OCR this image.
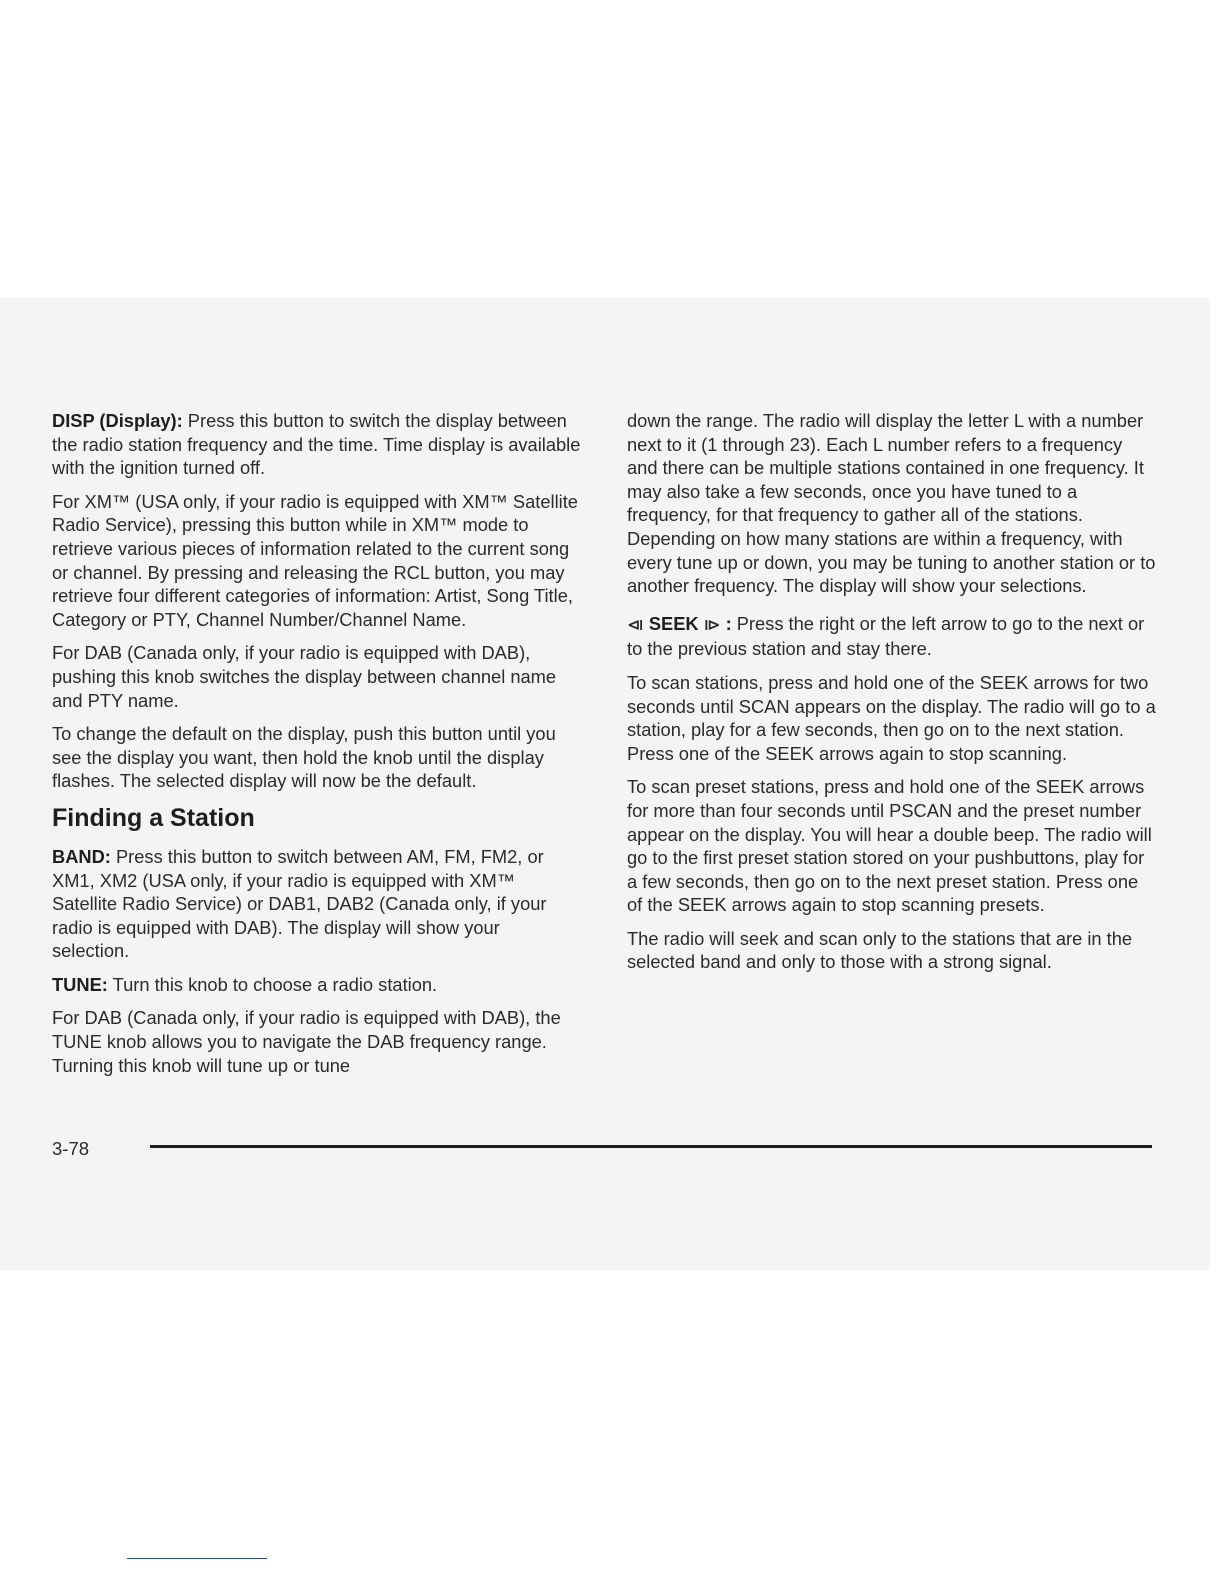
DISP (Display): Press this button to switch the display between the radio station frequency and the time. Time display is available with the ignition turned off.

For XM™ (USA only, if your radio is equipped with XM™ Satellite Radio Service), pressing this button while in XM™ mode to retrieve various pieces of information related to the current song or channel. By pressing and releasing the RCL button, you may retrieve four different categories of information: Artist, Song Title, Category or PTY, Channel Number/Channel Name.

For DAB (Canada only, if your radio is equipped with DAB), pushing this knob switches the display between channel name and PTY name.

To change the default on the display, push this button until you see the display you want, then hold the knob until the display flashes. The selected display will now be the default.

Finding a Station

BAND: Press this button to switch between AM, FM, FM2, or XM1, XM2 (USA only, if your radio is equipped with XM™ Satellite Radio Service) or DAB1, DAB2 (Canada only, if your radio is equipped with DAB). The display will show your selection.

TUNE: Turn this knob to choose a radio station.

For DAB (Canada only, if your radio is equipped with DAB), the TUNE knob allows you to navigate the DAB frequency range. Turning this knob will tune up or tune

down the range. The radio will display the letter L with a number next to it (1 through 23). Each L number refers to a frequency and there can be multiple stations contained in one frequency. It may also take a few seconds, once you have tuned to a frequency, for that frequency to gather all of the stations. Depending on how many stations are within a frequency, with every tune up or down, you may be tuning to another station or to another frequency. The display will show your selections.

⧏ SEEK ⧐ : Press the right or the left arrow to go to the next or to the previous station and stay there.

To scan stations, press and hold one of the SEEK arrows for two seconds until SCAN appears on the display. The radio will go to a station, play for a few seconds, then go on to the next station. Press one of the SEEK arrows again to stop scanning.

To scan preset stations, press and hold one of the SEEK arrows for more than four seconds until PSCAN and the preset number appear on the display. You will hear a double beep. The radio will go to the first preset station stored on your pushbuttons, play for a few seconds, then go on to the next preset station. Press one of the SEEK arrows again to stop scanning presets.

The radio will seek and scan only to the stations that are in the selected band and only to those with a strong signal.

3-78
